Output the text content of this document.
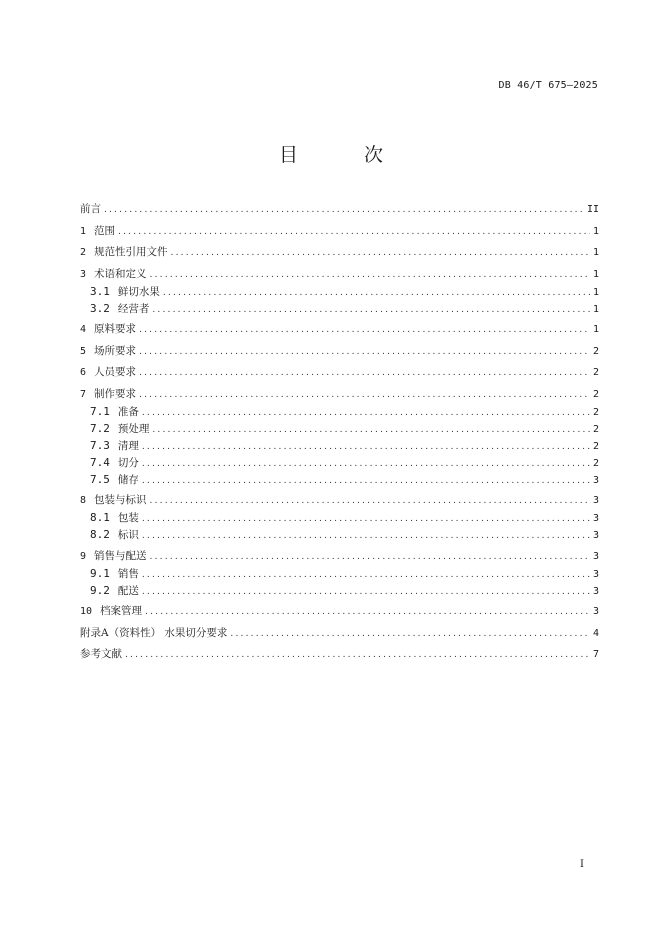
DB 46/T 675—2025
目 次
前言 .....	II
1 范围 .....	1
2 规范性引用文件 .....	1
3 术语和定义 .....	1
3.1 鲜切水果 .....	1
3.2 经营者 .....	1
4 原料要求 .....	1
5 场所要求 .....	2
6 人员要求 .....	2
7 制作要求 .....	2
7.1 准备 .....	2
7.2 预处理 .....	2
7.3 清理 .....	2
7.4 切分 .....	2
7.5 储存 .....	3
8 包装与标识 .....	3
8.1 包装 .....	3
8.2 标识 .....	3
9 销售与配送 .....	3
9.1 销售 .....	3
9.2 配送 .....	3
10 档案管理 .....	3
附录A（资料性） 水果切分要求 .....	4
参考文献 .....	7
I
